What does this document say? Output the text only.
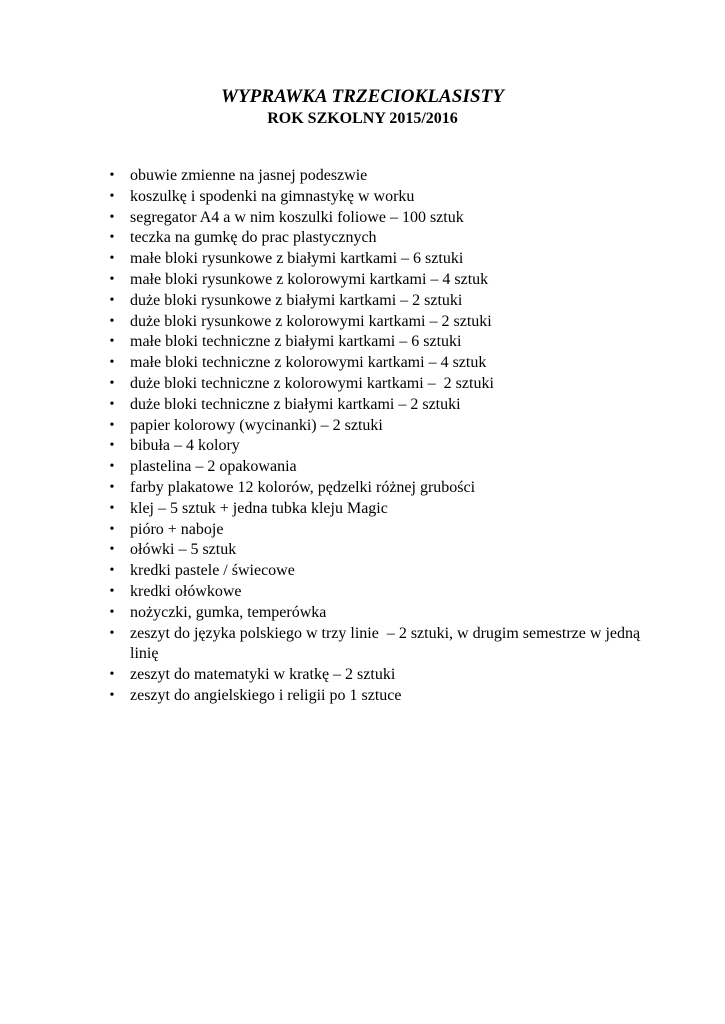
WYPRAWKA TRZECIOKLASISTY
ROK SZKOLNY 2015/2016
• obuwie zmienne na jasnej podeszwie
• koszulkę i spodenki na gimnastykę w worku
• segregator A4 a w nim koszulki foliowe – 100 sztuk
• teczka na gumkę do prac plastycznych
• małe bloki rysunkowe z białymi kartkami – 6 sztuki
• małe bloki rysunkowe z kolorowymi kartkami – 4 sztuk
• duże bloki rysunkowe z białymi kartkami – 2 sztuki
• duże bloki rysunkowe z kolorowymi kartkami – 2 sztuki
• małe bloki techniczne z białymi kartkami – 6 sztuki
• małe bloki techniczne z kolorowymi kartkami – 4 sztuk
• duże bloki techniczne z kolorowymi kartkami –  2 sztuki
• duże bloki techniczne z białymi kartkami – 2 sztuki
• papier kolorowy (wycinanki) – 2 sztuki
• bibuła – 4 kolory
• plastelina – 2 opakowania
• farby plakatowe 12 kolorów, pędzelki różnej grubości
• klej – 5 sztuk + jedna tubka kleju Magic
• pióro + naboje
• ołówki – 5 sztuk
• kredki pastele / świecowe
• kredki ołówkowe
• nożyczki, gumka, temperówka
• zeszyt do języka polskiego w trzy linie  – 2 sztuki, w drugim semestrze w jedną linię
• zeszyt do matematyki w kratkę – 2 sztuki
• zeszyt do angielskiego i religii po 1 sztuce
